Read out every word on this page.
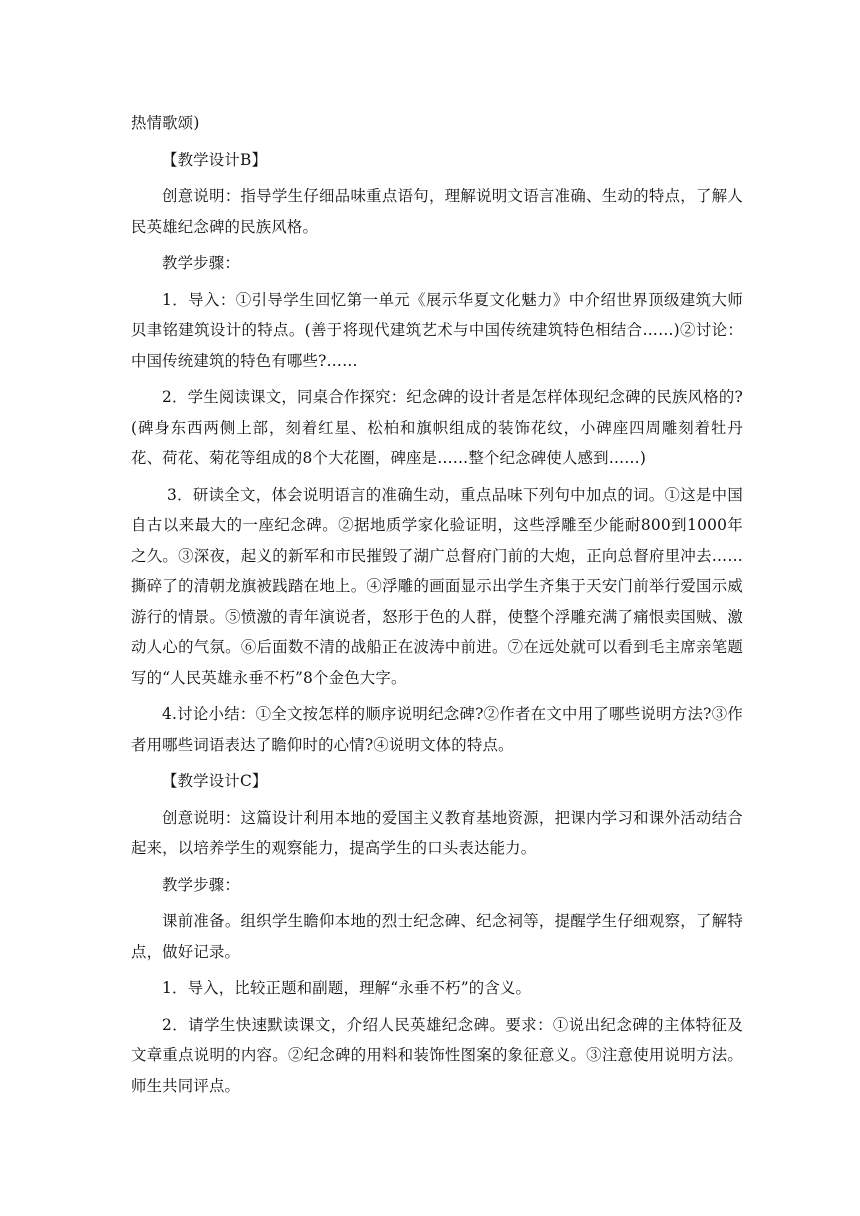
热情歌颂)

【教学设计B】

创意说明：指导学生仔细品味重点语句，理解说明文语言准确、生动的特点，了解人民英雄纪念碑的民族风格。

教学步骤：

1．导入：①引导学生回忆第一单元《展示华夏文化魅力》中介绍世界顶级建筑大师贝聿铭建筑设计的特点。(善于将现代建筑艺术与中国传统建筑特色相结合……)②讨论：中国传统建筑的特色有哪些?……

2．学生阅读课文，同桌合作探究：纪念碑的设计者是怎样体现纪念碑的民族风格的?(碑身东西两侧上部，刻着红星、松柏和旗帜组成的装饰花纹，小碑座四周雕刻着牡丹花、荷花、菊花等组成的8个大花圈，碑座是……整个纪念碑使人感到……)

3．研读全文，体会说明语言的准确生动，重点品味下列句中加点的词。①这是中国自古以来最大的一座纪念碑。②据地质学家化验证明，这些浮雕至少能耐800到1000年之久。③深夜，起义的新军和市民摧毁了湖广总督府门前的大炮，正向总督府里冲去……撕碎了的清朝龙旗被践踏在地上。④浮雕的画面显示出学生齐集于天安门前举行爱国示威游行的情景。⑤愤激的青年演说者，怒形于色的人群，使整个浮雕充满了痛恨卖国贼、激动人心的气氛。⑥后面数不清的战船正在波涛中前进。⑦在远处就可以看到毛主席亲笔题写的“人民英雄永垂不朽”8个金色大字。

4.讨论小结：①全文按怎样的顺序说明纪念碑?②作者在文中用了哪些说明方法?③作者用哪些词语表达了瞻仰时的心情?④说明文体的特点。

【教学设计C】

创意说明：这篇设计利用本地的爱国主义教育基地资源，把课内学习和课外活动结合起来，以培养学生的观察能力，提高学生的口头表达能力。

教学步骤：

课前准备。组织学生瞻仰本地的烈士纪念碑、纪念祠等，提醒学生仔细观察，了解特点，做好记录。

1．导入，比较正题和副题，理解“永垂不朽”的含义。

2．请学生快速默读课文，介绍人民英雄纪念碑。要求：①说出纪念碑的主体特征及文章重点说明的内容。②纪念碑的用料和装饰性图案的象征意义。③注意使用说明方法。师生共同评点。
